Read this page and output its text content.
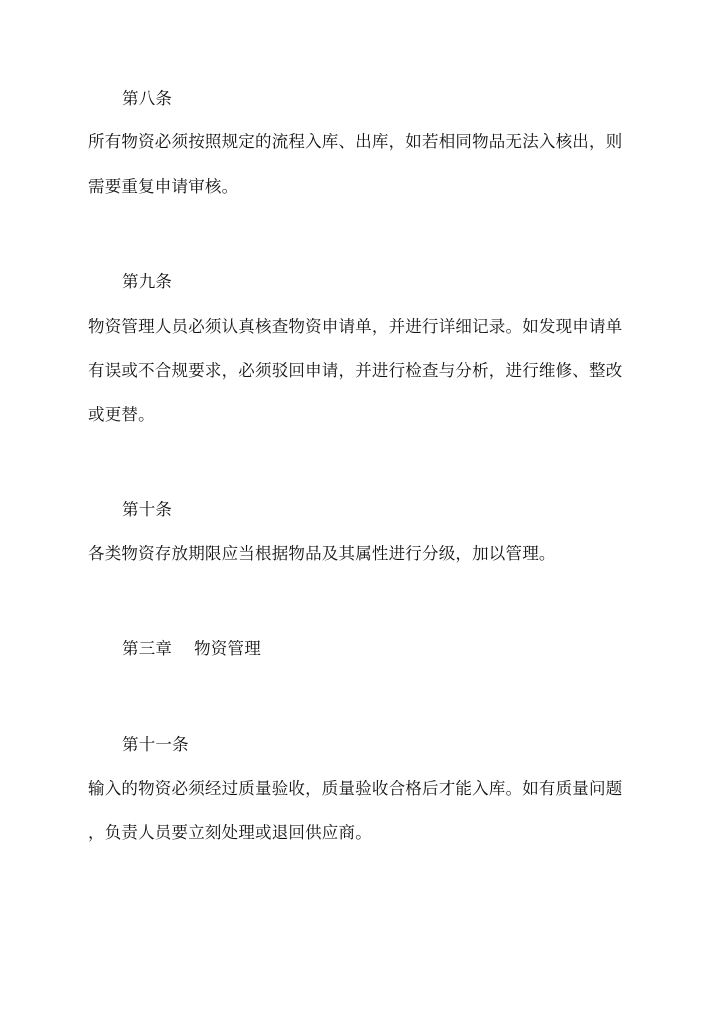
第八条
所有物资必须按照规定的流程入库、出库，如若相同物品无法入核出，则
需要重复申请审核。
第九条
物资管理人员必须认真核查物资申请单，并进行详细记录。如发现申请单
有误或不合规要求，必须驳回申请，并进行检查与分析，进行维修、整改
或更替。
第十条
各类物资存放期限应当根据物品及其属性进行分级，加以管理。
第三章 物资管理
第十一条
输入的物资必须经过质量验收，质量验收合格后才能入库。如有质量问题
，负责人员要立刻处理或退回供应商。
